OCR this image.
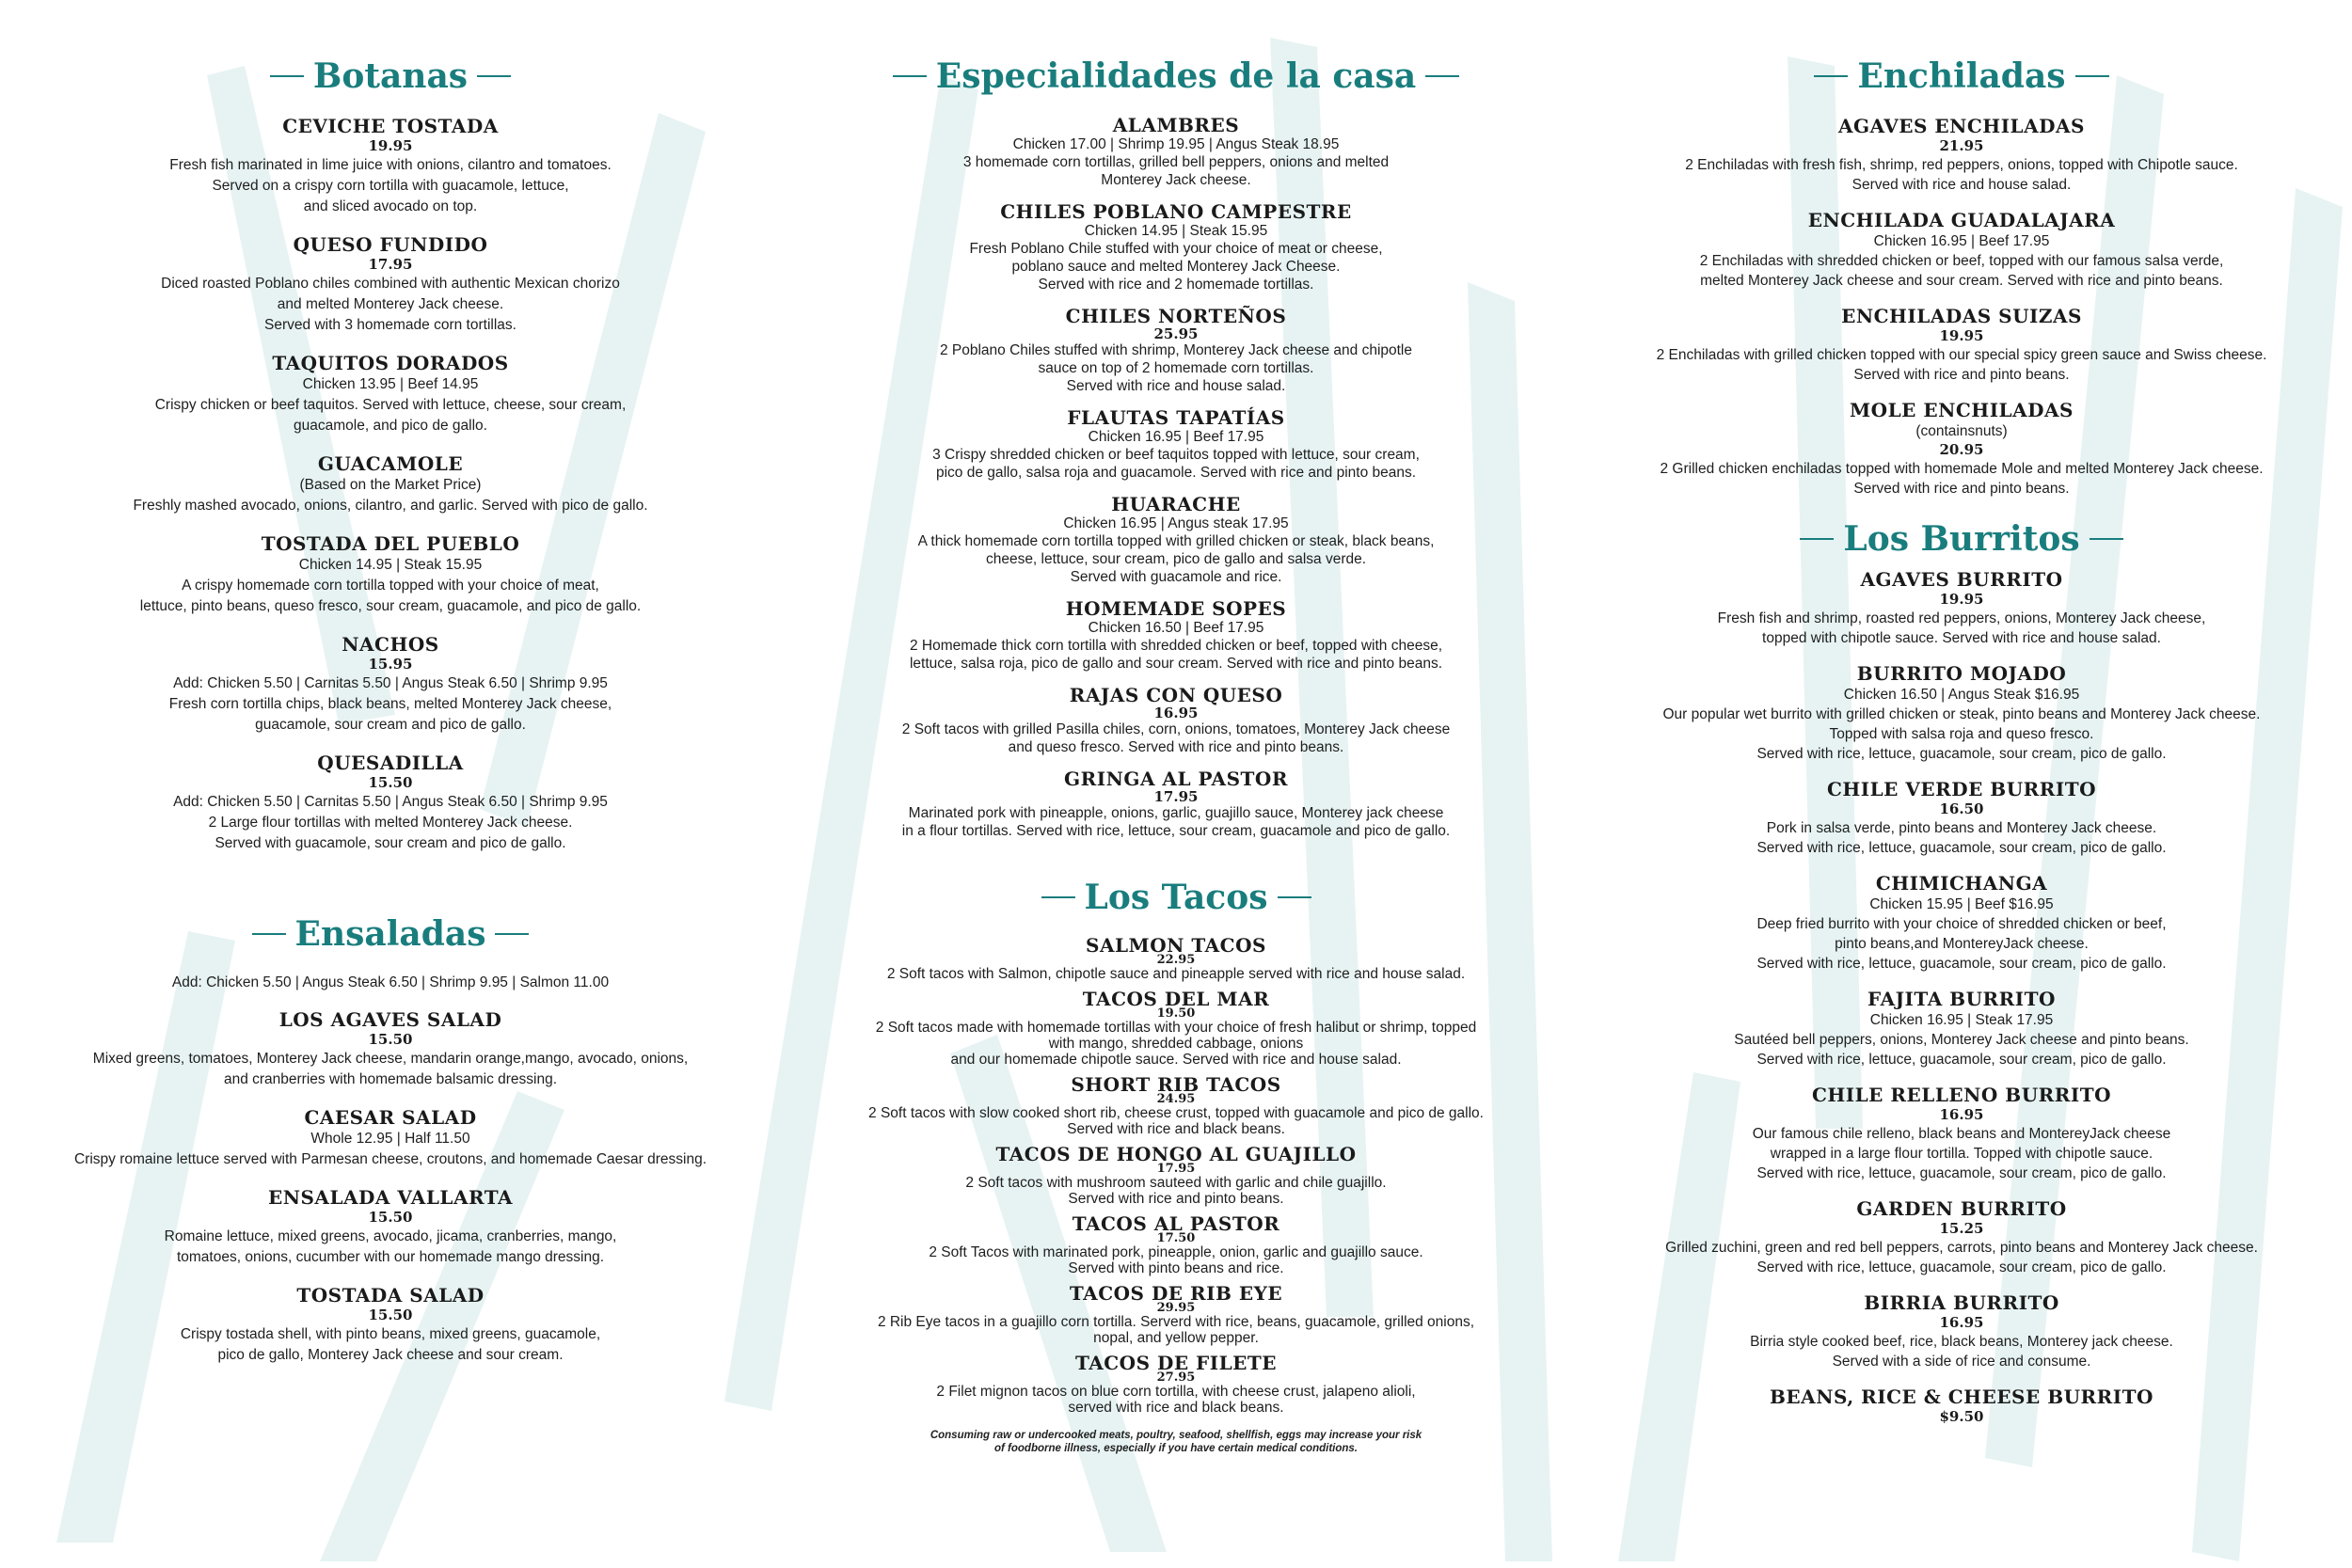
Botanas
CEVICHE TOSTADA
19.95
Fresh fish marinated in lime juice with onions, cilantro and tomatoes.
Served on a crispy corn tortilla with guacamole, lettuce,
and sliced avocado on top.
QUESO FUNDIDO
17.95
Diced roasted Poblano chiles combined with authentic Mexican chorizo
and melted Monterey Jack cheese.
Served with 3 homemade corn tortillas.
TAQUITOS DORADOS
Chicken 13.95 | Beef 14.95
Crispy chicken or beef taquitos. Served with lettuce, cheese, sour cream,
guacamole, and pico de gallo.
GUACAMOLE
(Based on the Market Price)
Freshly mashed avocado, onions, cilantro, and garlic. Served with pico de gallo.
TOSTADA DEL PUEBLO
Chicken 14.95 | Steak 15.95
A crispy homemade corn tortilla topped with your choice of meat,
lettuce, pinto beans, queso fresco, sour cream, guacamole, and pico de gallo.
NACHOS
15.95
Add: Chicken 5.50 | Carnitas 5.50 | Angus Steak 6.50 | Shrimp 9.95
Fresh corn tortilla chips, black beans, melted Monterey Jack cheese,
guacamole, sour cream and pico de gallo.
QUESADILLA
15.50
Add: Chicken 5.50 | Carnitas 5.50 | Angus Steak 6.50 | Shrimp 9.95
2 Large flour tortillas with melted Monterey Jack cheese.
Served with guacamole, sour cream and pico de gallo.
Ensaladas
Add: Chicken 5.50 | Angus Steak 6.50 | Shrimp 9.95 | Salmon 11.00
LOS AGAVES SALAD
15.50
Mixed greens, tomatoes, Monterey Jack cheese, mandarin orange,mango, avocado, onions,
and cranberries with homemade balsamic dressing.
CAESAR SALAD
Whole 12.95 | Half 11.50
Crispy romaine lettuce served with Parmesan cheese, croutons, and homemade Caesar dressing.
ENSALADA VALLARTA
15.50
Romaine lettuce, mixed greens, avocado, jicama, cranberries, mango,
tomatoes, onions, cucumber with our homemade mango dressing.
TOSTADA SALAD
15.50
Crispy tostada shell, with pinto beans, mixed greens, guacamole,
pico de gallo, Monterey Jack cheese and sour cream.
Especialidades de la casa
ALAMBRES
Chicken 17.00 | Shrimp 19.95 | Angus Steak 18.95
3 homemade corn tortillas, grilled bell peppers, onions and melted
Monterey Jack cheese.
CHILES POBLANO CAMPESTRE
Chicken 14.95 | Steak 15.95
Fresh Poblano Chile stuffed with your choice of meat or cheese,
poblano sauce and melted Monterey Jack Cheese.
Served with rice and 2 homemade tortillas.
CHILES NORTEÑOS
25.95
2 Poblano Chiles stuffed with shrimp, Monterey Jack cheese and chipotle
sauce on top of 2 homemade corn tortillas.
Served with rice and house salad.
FLAUTAS TAPATÍAS
Chicken 16.95 | Beef 17.95
3 Crispy shredded chicken or beef taquitos topped with lettuce, sour cream,
pico de gallo, salsa roja and guacamole. Served with rice and pinto beans.
HUARACHE
Chicken 16.95 | Angus steak 17.95
A thick homemade corn tortilla topped with grilled chicken or steak, black beans,
cheese, lettuce, sour cream, pico de gallo and salsa verde.
Served with guacamole and rice.
HOMEMADE SOPES
Chicken 16.50 | Beef 17.95
2 Homemade thick corn tortilla with shredded chicken or beef, topped with cheese,
lettuce, salsa roja, pico de gallo and sour cream. Served with rice and pinto beans.
RAJAS CON QUESO
16.95
2 Soft tacos with grilled Pasilla chiles, corn, onions, tomatoes, Monterey Jack cheese
and queso fresco. Served with rice and pinto beans.
GRINGA AL PASTOR
17.95
Marinated pork with pineapple, onions, garlic, guajillo sauce, Monterey jack cheese
in a flour tortillas. Served with rice, lettuce, sour cream, guacamole and pico de gallo.
Los Tacos
SALMON TACOS
22.95
2 Soft tacos with Salmon, chipotle sauce and pineapple served with rice and house salad.
TACOS DEL MAR
19.50
2 Soft tacos made with homemade tortillas with your choice of fresh halibut or shrimp, topped
with mango, shredded cabbage, onions
and our homemade chipotle sauce. Served with rice and house salad.
SHORT RIB TACOS
24.95
2 Soft tacos with slow cooked short rib, cheese crust, topped with guacamole and pico de gallo.
Served with rice and black beans.
TACOS DE HONGO AL GUAJILLO
17.95
2 Soft tacos with mushroom sauteed with garlic and chile guajillo.
Served with rice and pinto beans.
TACOS AL PASTOR
17.50
2 Soft Tacos with marinated pork, pineapple, onion, garlic and guajillo sauce.
Served with pinto beans and rice.
TACOS DE RIB EYE
29.95
2 Rib Eye tacos in a guajillo corn tortilla. Serverd with rice, beans, guacamole, grilled onions,
nopal, and yellow pepper.
TACOS DE FILETE
27.95
2 Filet mignon tacos on blue corn tortilla, with cheese crust, jalapeno alioli,
served with rice and black beans.
Consuming raw or undercooked meats, poultry, seafood, shellfish, eggs may increase your risk
of foodborne illness, especially if you have certain medical conditions.
Enchiladas
AGAVES ENCHILADAS
21.95
2 Enchiladas with fresh fish, shrimp, red peppers, onions, topped with Chipotle sauce.
Served with rice and house salad.
ENCHILADA GUADALAJARA
Chicken 16.95 | Beef 17.95
2 Enchiladas with shredded chicken or beef, topped with our famous salsa verde,
melted Monterey Jack cheese and sour cream. Served with rice and pinto beans.
ENCHILADAS SUIZAS
19.95
2 Enchiladas with grilled chicken topped with our special spicy green sauce and Swiss cheese.
Served with rice and pinto beans.
MOLE ENCHILADAS
(containsnuts)
20.95
2 Grilled chicken enchiladas topped with homemade Mole and melted Monterey Jack cheese.
Served with rice and pinto beans.
Los Burritos
AGAVES BURRITO
19.95
Fresh fish and shrimp, roasted red peppers, onions, Monterey Jack cheese,
topped with chipotle sauce. Served with rice and house salad.
BURRITO MOJADO
Chicken 16.50 | Angus Steak $16.95
Our popular wet burrito with grilled chicken or steak, pinto beans and Monterey Jack cheese.
Topped with salsa roja and queso fresco.
Served with rice, lettuce, guacamole, sour cream, pico de gallo.
CHILE VERDE BURRITO
16.50
Pork in salsa verde, pinto beans and Monterey Jack cheese.
Served with rice, lettuce, guacamole, sour cream, pico de gallo.
CHIMICHANGA
Chicken 15.95 | Beef $16.95
Deep fried burrito with your choice of shredded chicken or beef,
pinto beans,and MontereyJack cheese.
Served with rice, lettuce, guacamole, sour cream, pico de gallo.
FAJITA BURRITO
Chicken 16.95 | Steak 17.95
Sautéed bell peppers, onions, Monterey Jack cheese and pinto beans.
Served with rice, lettuce, guacamole, sour cream, pico de gallo.
CHILE RELLENO BURRITO
16.95
Our famous chile relleno, black beans and MontereyJack cheese
wrapped in a large flour tortilla. Topped with chipotle sauce.
Served with rice, lettuce, guacamole, sour cream, pico de gallo.
GARDEN BURRITO
15.25
Grilled zuchini, green and red bell peppers, carrots, pinto beans and Monterey Jack cheese.
Served with rice, lettuce, guacamole, sour cream, pico de gallo.
BIRRIA BURRITO
16.95
Birria style cooked beef, rice, black beans, Monterey jack cheese.
Served with a side of rice and consume.
BEANS, RICE & CHEESE BURRITO
$9.50
